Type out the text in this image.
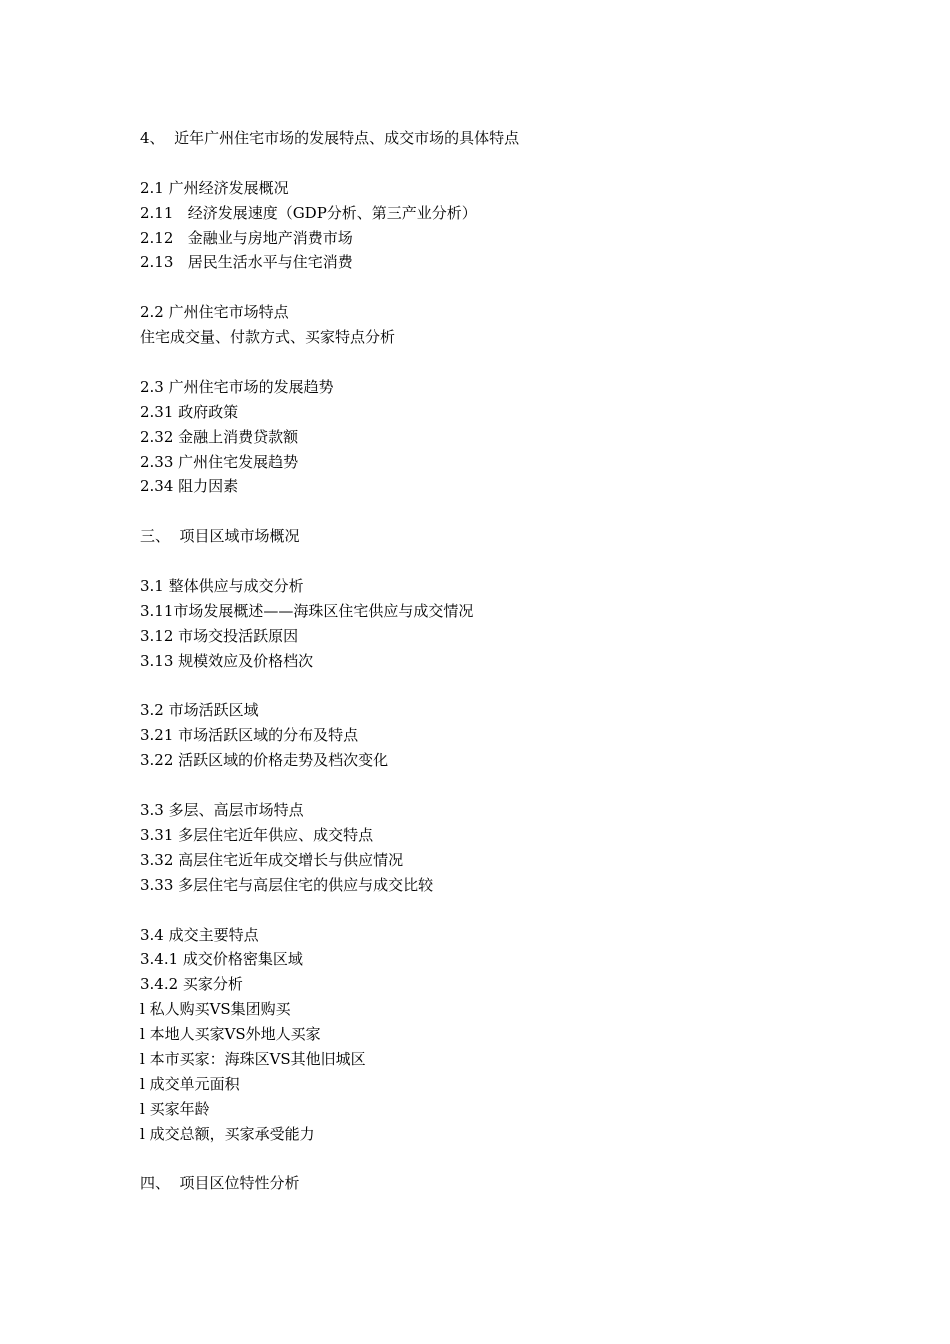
4、  近年广州住宅市场的发展特点、成交市场的具体特点
2.1 广州经济发展概况
2.11   经济发展速度（GDP分析、第三产业分析）
2.12   金融业与房地产消费市场
2.13   居民生活水平与住宅消费
2.2 广州住宅市场特点
住宅成交量、付款方式、买家特点分析
2.3 广州住宅市场的发展趋势
2.31 政府政策
2.32 金融上消费贷款额
2.33 广州住宅发展趋势
2.34 阻力因素
三、  项目区域市场概况
3.1 整体供应与成交分析
3.11市场发展概述——海珠区住宅供应与成交情况
3.12 市场交投活跃原因
3.13 规模效应及价格档次
3.2 市场活跃区域
3.21 市场活跃区域的分布及特点
3.22 活跃区域的价格走势及档次变化
3.3 多层、高层市场特点
3.31 多层住宅近年供应、成交特点
3.32 高层住宅近年成交增长与供应情况
3.33 多层住宅与高层住宅的供应与成交比较
3.4 成交主要特点
3.4.1 成交价格密集区域
3.4.2 买家分析
l 私人购买VS集团购买
l 本地人买家VS外地人买家
l 本市买家：海珠区VS其他旧城区
l 成交单元面积
l 买家年龄
l 成交总额，买家承受能力
四、  项目区位特性分析
